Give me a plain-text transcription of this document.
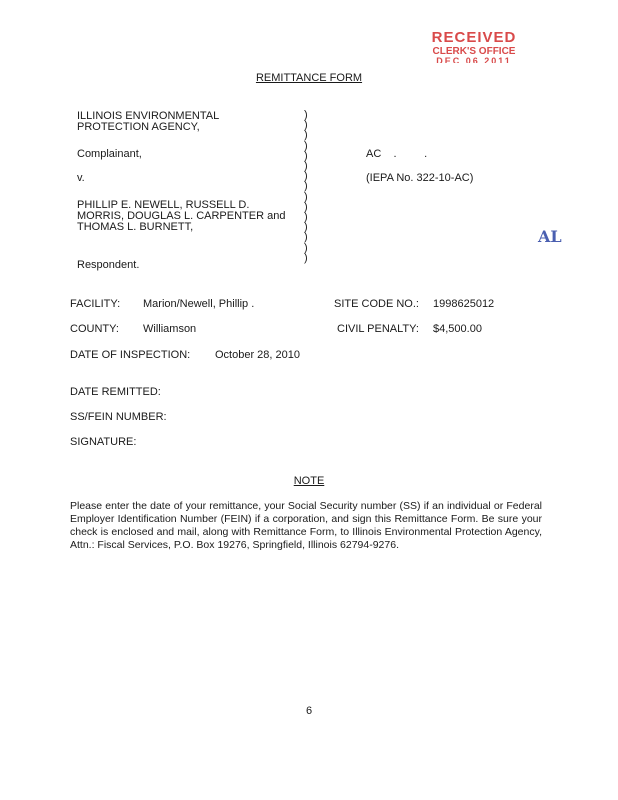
RECEIVED
CLERK'S OFFICE
DEC 06 2011
REMITTANCE FORM
ILLINOIS ENVIRONMENTAL
PROTECTION AGENCY,
Complainant,
v.
PHILLIP E. NEWELL, RUSSELL D.
MORRIS, DOUGLAS L. CARPENTER and
THOMAS L. BURNETT,
Respondent.
)
)
)
)
)
)
)
)
)
)
)
)
)
)
)
AC    .         .
(IEPA No. 322-10-AC)
AL
FACILITY: Marion/Newell, Phillip .	SITE CODE NO.: 1998625012
COUNTY: Williamson	CIVIL PENALTY: $4,500.00
DATE OF INSPECTION: October 28, 2010
DATE REMITTED:
SS/FEIN NUMBER:
SIGNATURE:
NOTE
Please enter the date of your remittance, your Social Security number (SS) if an individual or Federal Employer Identification Number (FEIN) if a corporation, and sign this Remittance Form. Be sure your check is enclosed and mail, along with Remittance Form, to Illinois Environmental Protection Agency, Attn.: Fiscal Services, P.O. Box 19276, Springfield, Illinois 62794-9276.
6
